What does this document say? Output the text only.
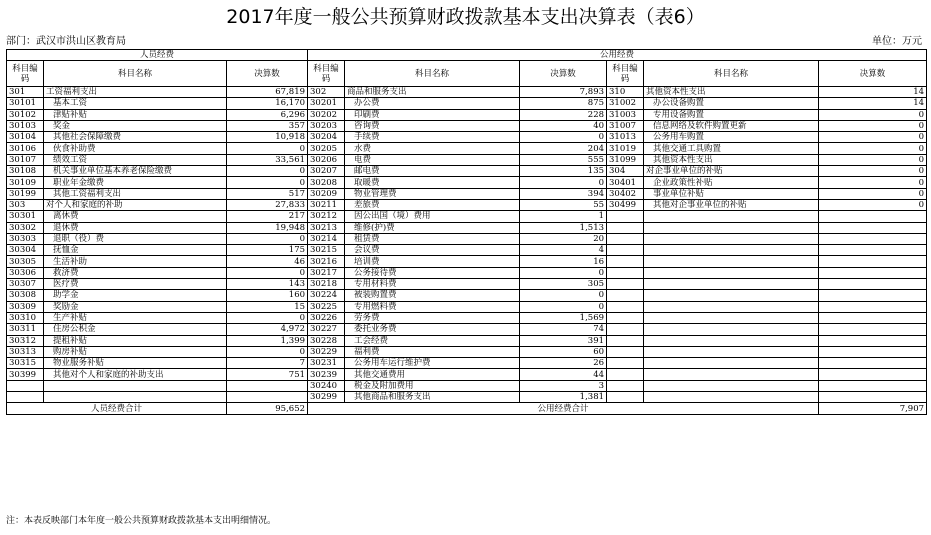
2017年度一般公共预算财政拨款基本支出决算表（表6）
部门：武汉市洪山区教育局	单位：万元
人员经费			公用经费					
科目编码	科目名称	决算数	科目编码	科目名称	决算数	科目编码	科目名称	决算数
301	工资福利支出	67,819	302	商品和服务支出	7,893	310	其他资本性支出	14
30101	基本工资	16,170	30201	办公费	875	31002	办公设备购置	14
30102	津贴补贴	6,296	30202	印刷费	228	31003	专用设备购置	0
30103	奖金	357	30203	咨询费	40	31007	信息网络及软件购置更新	0
30104	其他社会保障缴费	10,918	30204	手续费	0	31013	公务用车购置	0
30106	伙食补助费	0	30205	水费	204	31019	其他交通工具购置	0
30107	绩效工资	33,561	30206	电费	555	31099	其他资本性支出	0
30108	机关事业单位基本养老保险缴费	0	30207	邮电费	135	304	对企事业单位的补贴	0
30109	职业年金缴费	0	30208	取暖费	0	30401	企业政策性补贴	0
30199	其他工资福利支出	517	30209	物业管理费	394	30402	事业单位补贴	0
303	对个人和家庭的补助	27,833	30211	差旅费	55	30499	其他对企事业单位的补贴	0
30301	离休费	217	30212	因公出国（境）费用	1			
30302	退休费	19,948	30213	维修(护)费	1,513			
30303	退职（役）费	0	30214	租赁费	20			
30304	抚恤金	175	30215	会议费	4			
30305	生活补助	46	30216	培训费	16			
30306	救济费	0	30217	公务接待费	0			
30307	医疗费	143	30218	专用材料费	305			
30308	助学金	160	30224	被装购置费	0			
30309	奖励金	15	30225	专用燃料费	0			
30310	生产补贴	0	30226	劳务费	1,569			
30311	住房公积金	4,972	30227	委托业务费	74			
30312	提租补贴	1,399	30228	工会经费	391			
30313	购房补贴	0	30229	福利费	60			
30315	物业服务补贴	7	30231	公务用车运行维护费	26			
30399	其他对个人和家庭的补助支出	751	30239	其他交通费用	44			
			30240	税金及附加费用	3			
			30299	其他商品和服务支出	1,381			
人员经费合计		95,652	公用经费合计					7,907
注：本表反映部门本年度一般公共预算财政拨款基本支出明细情况。
